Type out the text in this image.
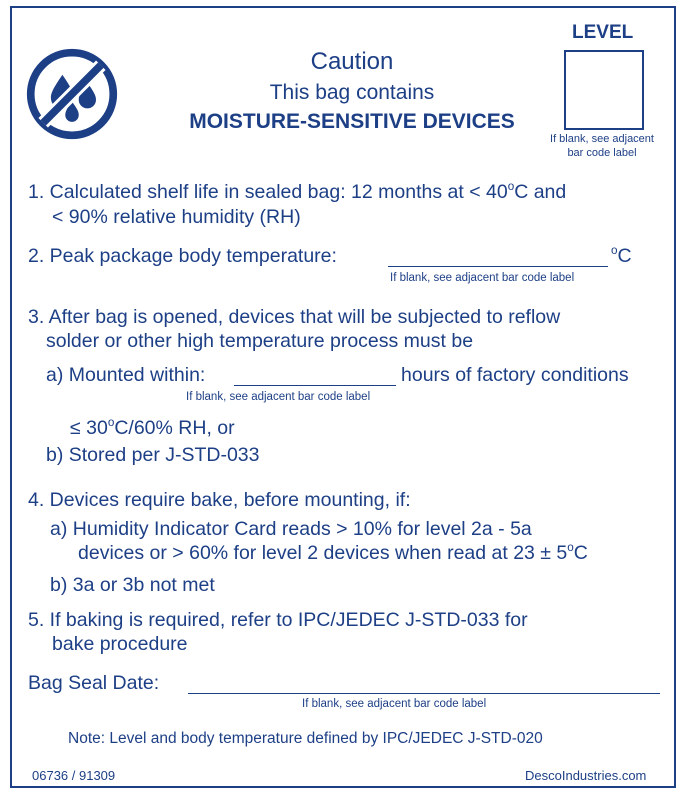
Caution
This bag contains
MOISTURE-SENSITIVE DEVICES
LEVEL
If blank, see adjacent
bar code label
1. Calculated shelf life in sealed bag: 12 months at < $40^oC$ and
< 90% relative humidity (RH)
2. Peak package body temperature:	$^o$C
If blank, see adjacent bar code label
3. After bag is opened, devices that will be subjected to reflow
solder or other high temperature process must be
a) Mounted within:	hours of factory conditions
If blank, see adjacent bar code label
≤ $30^oC/60\%$ RH, or
b) Stored per J-STD-033
4. Devices require bake, before mounting, if:
a) Humidity Indicator Card reads > 10% for level 2a - 5a
devices or > 60% for level 2 devices when read at $23 \pm 5^oC$
b) 3a or 3b not met
5. If baking is required, refer to IPC/JEDEC J-STD-033 for
bake procedure
Bag Seal Date:
If blank, see adjacent bar code label
Note: Level and body temperature defined by IPC/JEDEC J-STD-020
06736 / 91309	DescoIndustries.com
